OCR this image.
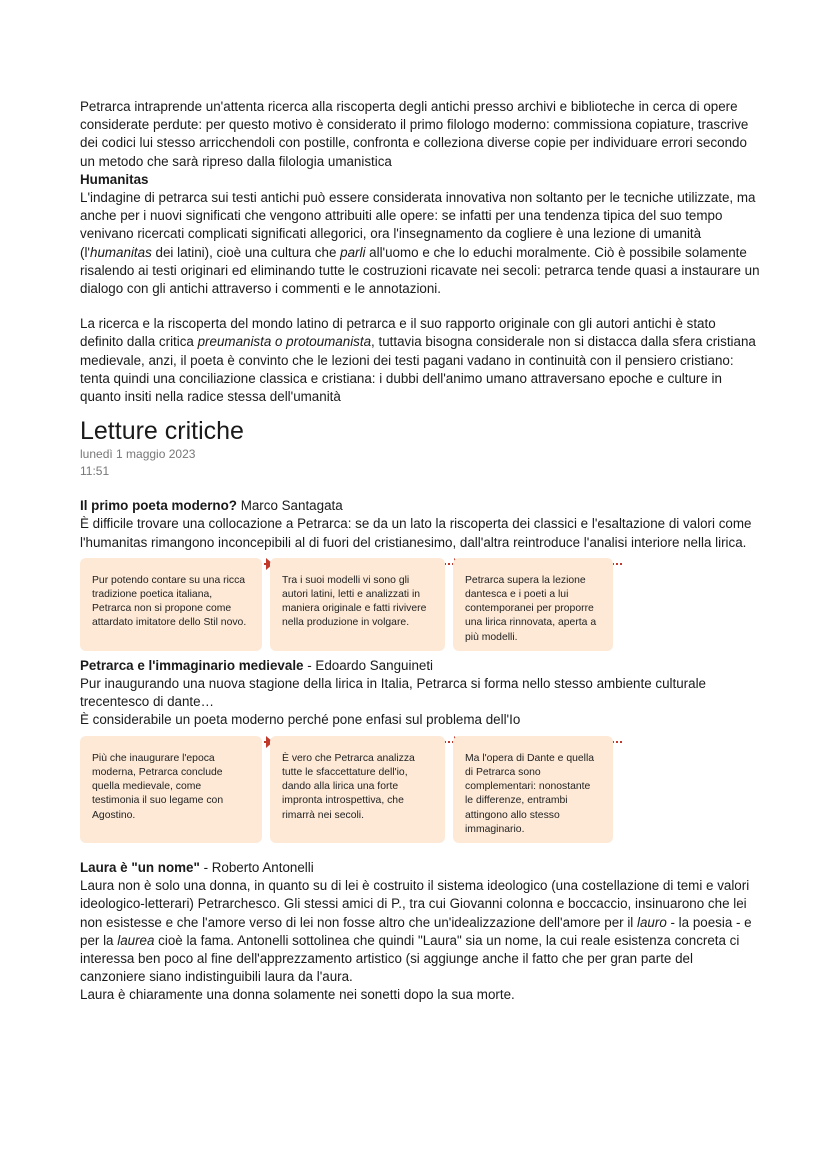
Petrarca intraprende un'attenta ricerca alla riscoperta degli antichi presso archivi e biblioteche in cerca di opere considerate perdute: per questo motivo è considerato il primo filologo moderno: commissiona copiature, trascrive dei codici lui stesso arricchendoli con postille, confronta e colleziona diverse copie per individuare errori secondo un metodo che sarà ripreso dalla filologia umanistica

Humanitas

L'indagine di petrarca sui testi antichi può essere considerata innovativa non soltanto per le tecniche utilizzate, ma anche per i nuovi significati che vengono attribuiti alle opere: se infatti per una tendenza tipica del suo tempo venivano ricercati complicati significati allegorici, ora l'insegnamento da cogliere è una lezione di umanità (l'humanitas dei latini), cioè una cultura che parli all'uomo e che lo educhi moralmente. Ciò è possibile solamente risalendo ai testi originari ed eliminando tutte le costruzioni ricavate nei secoli: petrarca tende quasi a instaurare un dialogo con gli antichi attraverso i commenti e le annotazioni.

La ricerca e la riscoperta del mondo latino di petrarca e il suo rapporto originale con gli autori antichi è stato definito dalla critica preumanista o protoumanista, tuttavia bisogna considerale non si distacca dalla sfera cristiana medievale, anzi, il poeta è convinto che le lezioni dei testi pagani vadano in continuità con il pensiero cristiano: tenta quindi una conciliazione classica e cristiana: i dubbi dell'animo umano attraversano epoche e culture in quanto insiti nella radice stessa dell'umanità

Letture critiche

lunedì 1 maggio 2023

11:51

Il primo poeta moderno? Marco Santagata

È difficile trovare una collocazione a Petrarca: se da un lato la riscoperta dei classici e l'esaltazione di valori come l'humanitas rimangono inconcepibili al di fuori del cristianesimo, dall'altra reintroduce l'analisi interiore nella lirica.

Pur potendo contare su una ricca tradizione poetica italiana, Petrarca non si propone come attardato imitatore dello Stil novo.
Tra i suoi modelli vi sono gli autori latini, letti e analizzati in maniera originale e fatti rivivere nella produzione in volgare.
Petrarca supera la lezione dantesca e i poeti a lui contemporanei per proporre una lirica rinnovata, aperta a più modelli.

Petrarca e l'immaginario medievale - Edoardo Sanguineti

Pur inaugurando una nuova stagione della lirica in Italia, Petrarca si forma nello stesso ambiente culturale trecentesco di dante…

È considerabile un poeta moderno perché pone enfasi sul problema dell'Io

Più che inaugurare l'epoca moderna, Petrarca conclude quella medievale, come testimonia il suo legame con Agostino.
È vero che Petrarca analizza tutte le sfaccettature dell'io, dando alla lirica una forte impronta introspettiva, che rimarrà nei secoli.
Ma l'opera di Dante e quella di Petrarca sono complementari: nonostante le differenze, entrambi attingono allo stesso immaginario.

Laura è "un nome" - Roberto Antonelli

Laura non è solo una donna, in quanto su di lei è costruito il sistema ideologico (una costellazione di temi e valori ideologico-letterari) Petrarchesco. Gli stessi amici di P., tra cui Giovanni colonna e boccaccio, insinuarono che lei non esistesse e che l'amore verso di lei non fosse altro che un'idealizzazione dell'amore per il lauro - la poesia - e per la laurea cioè la fama. Antonelli sottolinea che quindi "Laura" sia un nome, la cui reale esistenza concreta ci interessa ben poco al fine dell'apprezzamento artistico (si aggiunge anche il fatto che per gran parte del canzoniere siano indistinguibili laura da l'aura.

Laura è chiaramente una donna solamente nei sonetti dopo la sua morte.
